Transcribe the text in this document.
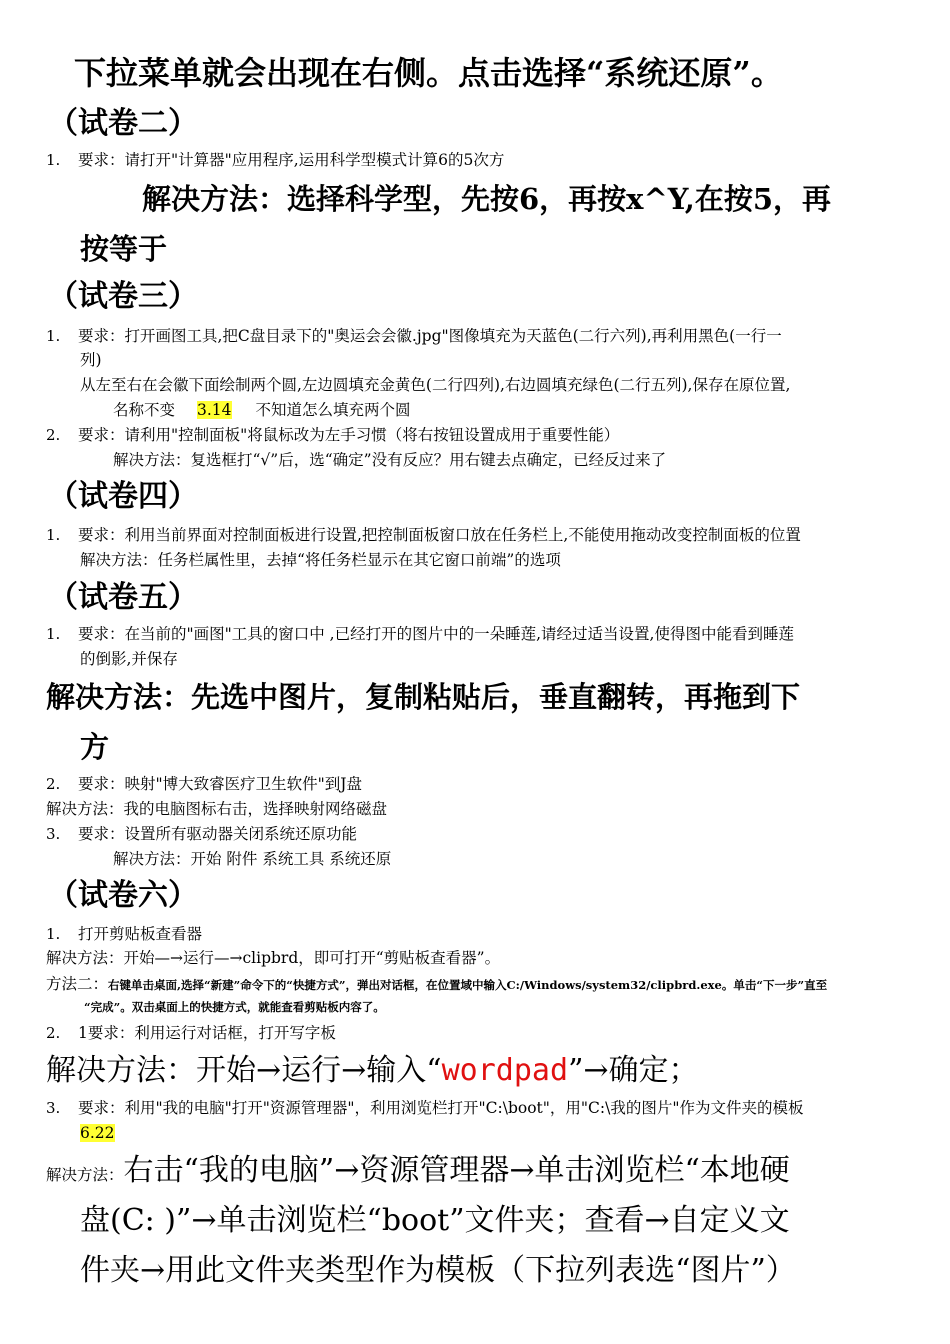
下拉菜单就会出现在右侧。点击选择“系统还原”。
（试卷二）
1. 要求：请打开"计算器"应用程序,运用科学型模式计算6的5次方
解决方法：选择科学型，先按6，再按x^Y,在按5，再
按等于
（试卷三）
1. 要求：打开画图工具,把C盘目录下的"奥运会会徽.jpg"图像填充为天蓝色(二行六列),再利用黑色(一行一
列)
从左至右在会徽下面绘制两个圆,左边圆填充金黄色(二行四列),右边圆填充绿色(二行五列),保存在原位置,
名称不变 3.14 不知道怎么填充两个圆
2. 要求：请利用"控制面板"将鼠标改为左手习惯（将右按钮设置成用于重要性能）
解决方法：复选框打“√”后，选“确定”没有反应？用右键去点确定，已经反过来了
（试卷四）
1. 要求：利用当前界面对控制面板进行设置,把控制面板窗口放在任务栏上,不能使用拖动改变控制面板的位置
解决方法：任务栏属性里，去掉“将任务栏显示在其它窗口前端”的选项
（试卷五）
1. 要求：在当前的"画图"工具的窗口中 ,已经打开的图片中的一朵睡莲,请经过适当设置,使得图中能看到睡莲
的倒影,并保存
解决方法：先选中图片，复制粘贴后，垂直翻转，再拖到下
方
2. 要求：映射"博大致睿医疗卫生软件"到J盘
解决方法：我的电脑图标右击，选择映射网络磁盘
3. 要求：设置所有驱动器关闭系统还原功能
解决方法：开始 附件 系统工具 系统还原
（试卷六）
1. 打开剪贴板查看器
解决方法：开始—→运行—→clipbrd，即可打开“剪贴板查看器”。
方法二：右键单击桌面,选择“新建”命令下的“快捷方式”，弹出对话框，在位置域中输入C:/Windows/system32/clipbrd.exe。单击“下一步”直至
“完成”。双击桌面上的快捷方式，就能查看剪贴板内容了。
2. 1要求：利用运行对话框，打开写字板
解决方法：开始→运行→输入“wordpad”→确定；
3. 要求：利用"我的电脑"打开"资源管理器"，利用浏览栏打开"C:\boot"，用"C:\我的图片"作为文件夹的模板
6.22
解决方法：右击“我的电脑”→资源管理器→单击浏览栏“本地硬
盘(C: )”→单击浏览栏“boot”文件夹；查看→自定义文
件夹→用此文件夹类型作为模板（下拉列表选“图片”）
